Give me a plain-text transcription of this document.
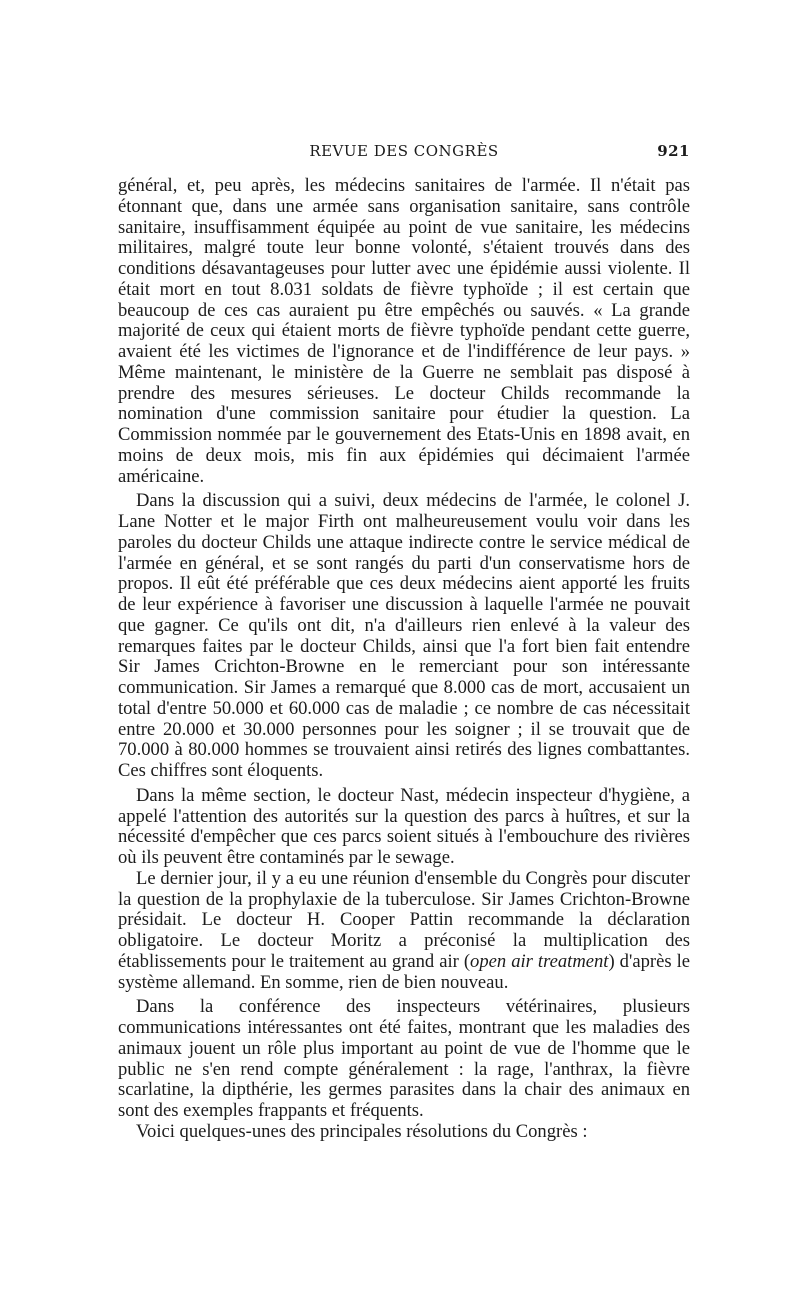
REVUE DES CONGRÈS	921

général, et, peu après, les médecins sanitaires de l'armée. Il n'était pas étonnant que, dans une armée sans organisation sanitaire, sans contrôle sanitaire, insuffisamment équipée au point de vue sanitaire, les médecins militaires, malgré toute leur bonne volonté, s'étaient trouvés dans des conditions désavantageuses pour lutter avec une épidémie aussi violente. Il était mort en tout 8.031 soldats de fièvre typhoïde ; il est certain que beaucoup de ces cas auraient pu être empêchés ou sauvés. « La grande majorité de ceux qui étaient morts de fièvre typhoïde pendant cette guerre, avaient été les victimes de l'ignorance et de l'indifférence de leur pays. » Même maintenant, le ministère de la Guerre ne semblait pas disposé à prendre des mesures sérieuses. Le docteur Childs recommande la nomination d'une commission sanitaire pour étudier la question. La Commission nommée par le gouvernement des Etats-Unis en 1898 avait, en moins de deux mois, mis fin aux épidémies qui décimaient l'armée américaine.

Dans la discussion qui a suivi, deux médecins de l'armée, le colonel J. Lane Notter et le major Firth ont malheureusement voulu voir dans les paroles du docteur Childs une attaque indirecte contre le service médical de l'armée en général, et se sont rangés du parti d'un conservatisme hors de propos. Il eût été préférable que ces deux médecins aient apporté les fruits de leur expérience à favoriser une discussion à laquelle l'armée ne pouvait que gagner. Ce qu'ils ont dit, n'a d'ailleurs rien enlevé à la valeur des remarques faites par le docteur Childs, ainsi que l'a fort bien fait entendre Sir James Crichton-Browne en le remerciant pour son intéressante communication. Sir James a remarqué que 8.000 cas de mort, accusaient un total d'entre 50.000 et 60.000 cas de maladie ; ce nombre de cas nécessitait entre 20.000 et 30.000 personnes pour les soigner ; il se trouvait que de 70.000 à 80.000 hommes se trouvaient ainsi retirés des lignes combattantes. Ces chiffres sont éloquents.

Dans la même section, le docteur Nast, médecin inspecteur d'hygiène, a appelé l'attention des autorités sur la question des parcs à huîtres, et sur la nécessité d'empêcher que ces parcs soient situés à l'embouchure des rivières où ils peuvent être contaminés par le sewage.

Le dernier jour, il y a eu une réunion d'ensemble du Congrès pour discuter la question de la prophylaxie de la tuberculose. Sir James Crichton-Browne présidait. Le docteur H. Cooper Pattin recommande la déclaration obligatoire. Le docteur Moritz a préconisé la multiplication des établissements pour le traitement au grand air (open air treatment) d'après le système allemand. En somme, rien de bien nouveau.

Dans la conférence des inspecteurs vétérinaires, plusieurs communications intéressantes ont été faites, montrant que les maladies des animaux jouent un rôle plus important au point de vue de l'homme que le public ne s'en rend compte généralement : la rage, l'anthrax, la fièvre scarlatine, la dipthérie, les germes parasites dans la chair des animaux en sont des exemples frappants et fréquents.

Voici quelques-unes des principales résolutions du Congrès :
